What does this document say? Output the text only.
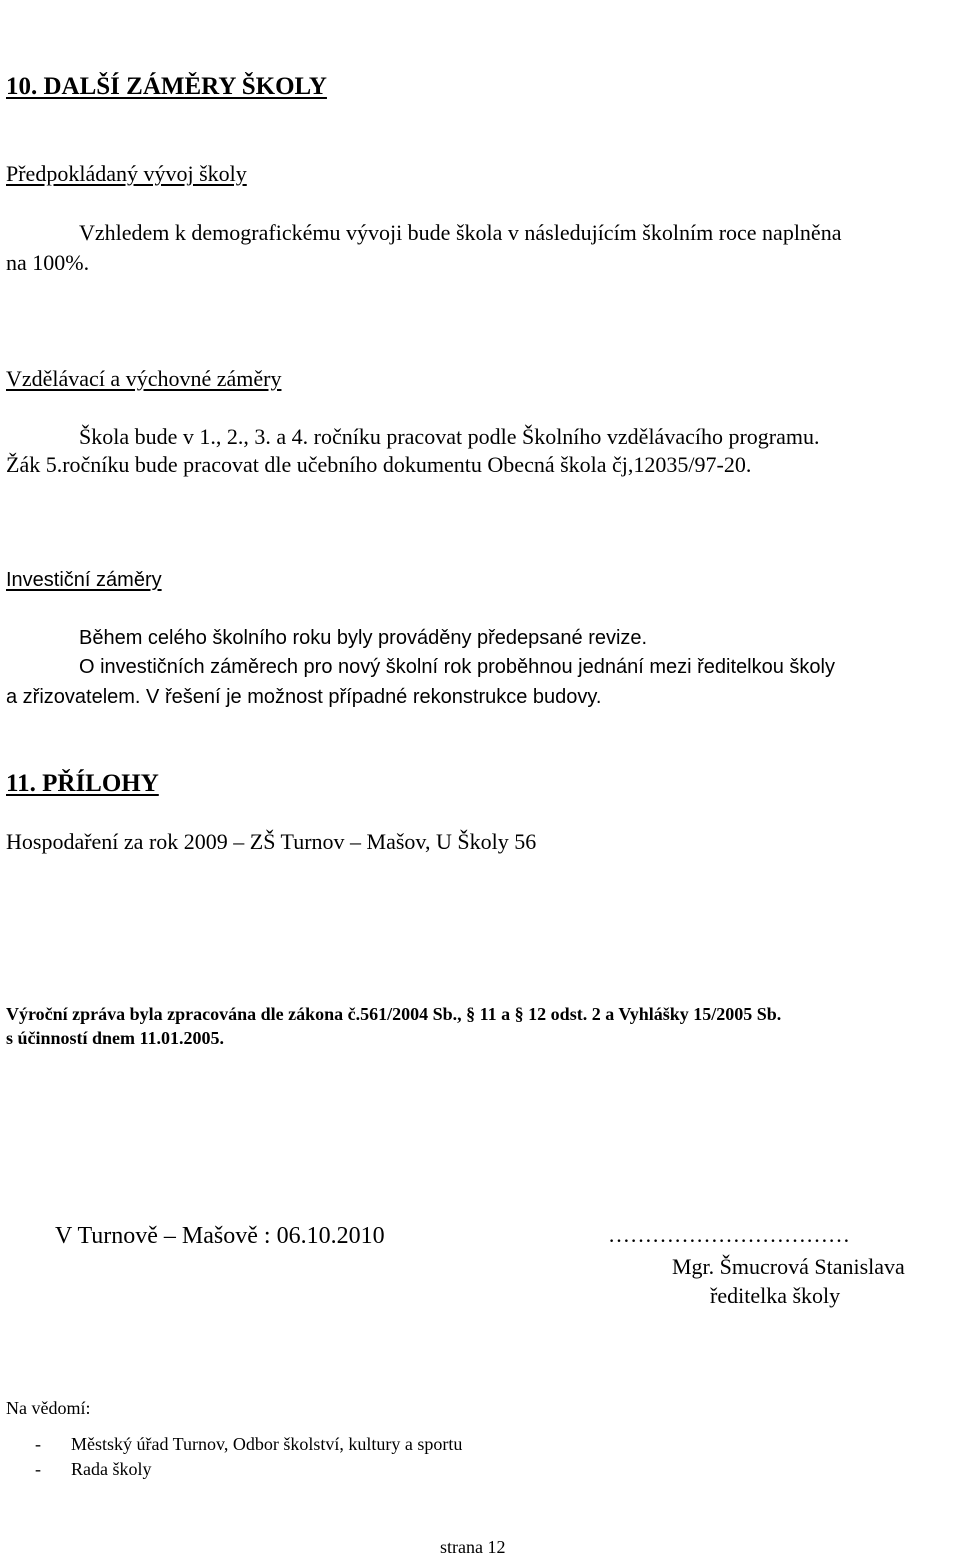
10. DALŠÍ ZÁMĚRY ŠKOLY
Předpokládaný vývoj školy
Vzhledem k demografickému vývoji bude škola v následujícím školním roce naplněna
na 100%.
Vzdělávací a výchovné záměry
Škola bude v 1., 2., 3. a 4. ročníku pracovat podle Školního vzdělávacího programu.
Žák 5.ročníku bude pracovat dle učebního dokumentu Obecná škola čj,12035/97-20.
Investiční záměry
Během celého školního roku byly prováděny předepsané revize.
O investičních záměrech pro nový školní rok proběhnou jednání mezi ředitelkou školy
a zřizovatelem. V řešení je možnost případné rekonstrukce budovy.
11. PŘÍLOHY
Hospodaření za rok 2009 – ZŠ Turnov – Mašov, U Školy 56
Výroční zpráva byla zpracována dle zákona č.561/2004 Sb., § 11 a § 12 odst. 2 a Vyhlášky 15/2005 Sb.
s účinností dnem 11.01.2005.
V Turnově – Mašově : 06.10.2010	……………………………
Mgr. Šmucrová Stanislava
ředitelka školy
Na vědomí:
- Městský úřad Turnov, Odbor školství, kultury a sportu
- Rada školy
strana 12
